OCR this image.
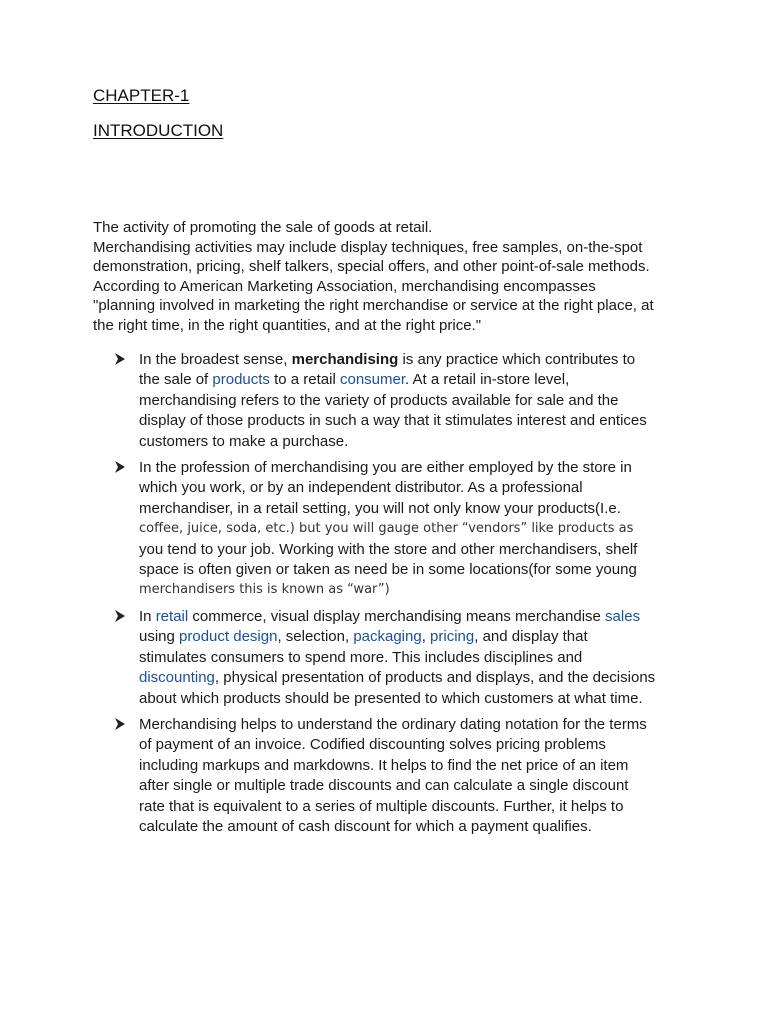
CHAPTER-1
INTRODUCTION
The activity of promoting the sale of goods at retail.
Merchandising activities may include display techniques, free samples, on-the-spot
demonstration, pricing, shelf talkers, special offers, and other point-of-sale methods.
According to American Marketing Association, merchandising encompasses
"planning involved in marketing the right merchandise or service at the right place, at
the right time, in the right quantities, and at the right price."
In the broadest sense, merchandising is any practice which contributes to
the sale of products to a retail consumer. At a retail in-store level,
merchandising refers to the variety of products available for sale and the
display of those products in such a way that it stimulates interest and entices
customers to make a purchase.
In the profession of merchandising you are either employed by the store in
which you work, or by an independent distributor. As a professional
merchandiser, in a retail setting, you will not only know your products(I.e.
coffee, juice, soda, etc.) but you will gauge other “vendors” like products as
you tend to your job. Working with the store and other merchandisers, shelf
space is often given or taken as need be in some locations(for some young
merchandisers this is known as “war”)
In retail commerce, visual display merchandising means merchandise sales
using product design, selection, packaging, pricing, and display that
stimulates consumers to spend more. This includes disciplines and
discounting, physical presentation of products and displays, and the decisions
about which products should be presented to which customers at what time.
Merchandising helps to understand the ordinary dating notation for the terms
of payment of an invoice. Codified discounting solves pricing problems
including markups and markdowns. It helps to find the net price of an item
after single or multiple trade discounts and can calculate a single discount
rate that is equivalent to a series of multiple discounts. Further, it helps to
calculate the amount of cash discount for which a payment qualifies.
